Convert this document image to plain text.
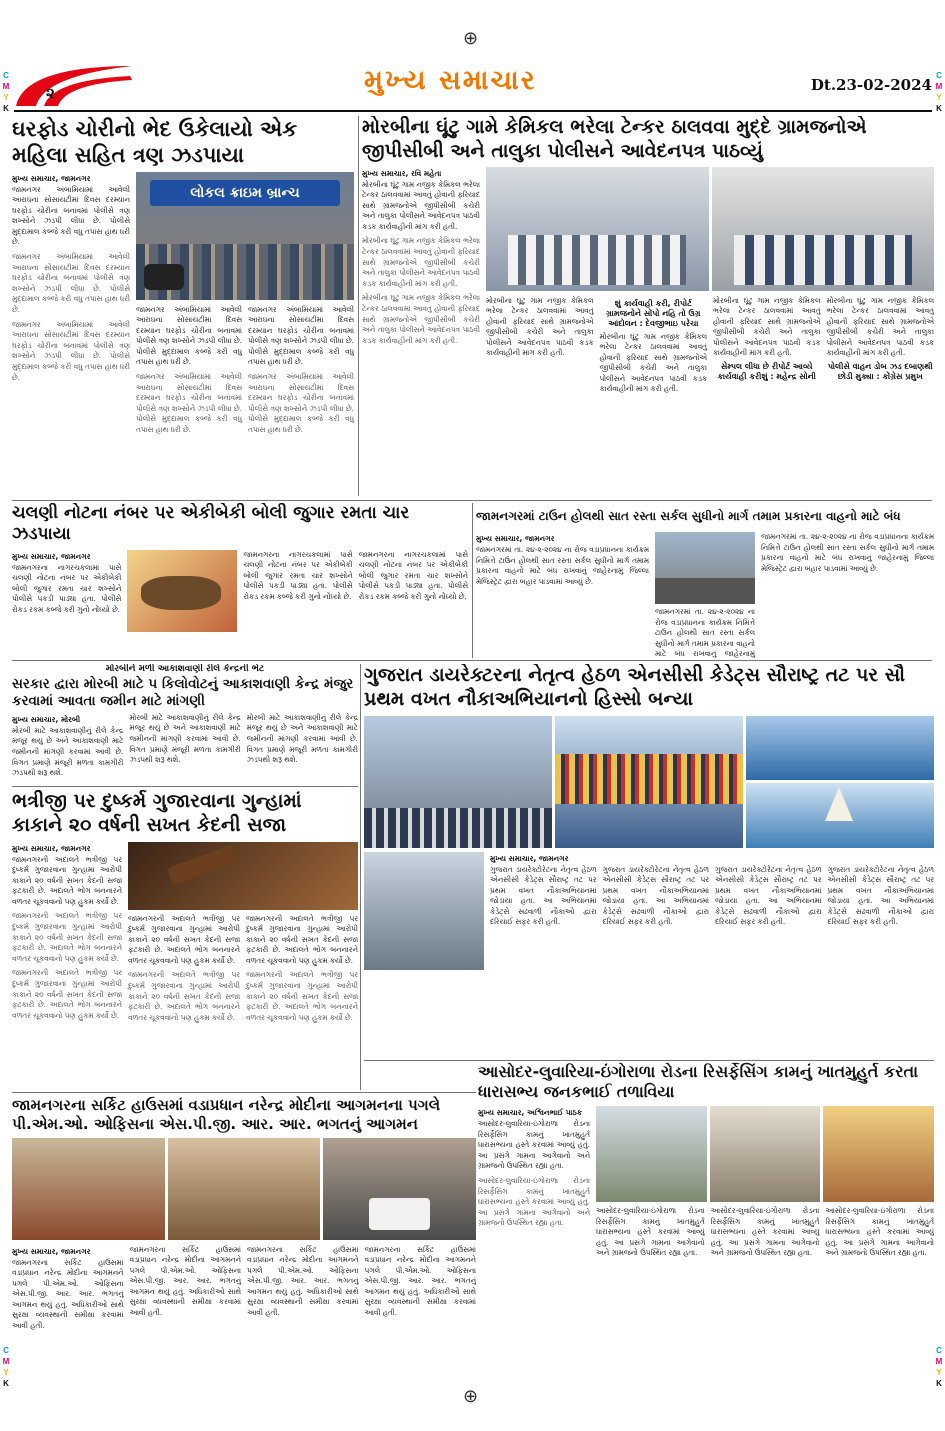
C
M
Y
K
C
M
Y
K
C
M
Y
K
C
M
Y
K
⊕
⊕
૨	મુખ્ય સમાચાર	Dt.23-02-2024
ઘરફોડ ચોરીનો ભેદ ઉકેલાયો એક મહિલા સહિત ત્રણ ઝડપાયા
મુખ્ય સમાચાર, જામનગર
જામનગર અંબામિયામાં આવેલી આરાધના સોસાયટીમાં દિવસ દરમ્યાન ઘરફોડ ચોરીના બનાવમાં પોલીસે ત્રણ શખ્સોને ઝડપી લીધા છે. પોલીસે મુદ્દામાલ કબ્જે કરી વધુ તપાસ હાથ ધરી છે.
જામનગર અંબામિયામાં આવેલી આરાધના સોસાયટીમાં દિવસ દરમ્યાન ઘરફોડ ચોરીના બનાવમાં પોલીસે ત્રણ શખ્સોને ઝડપી લીધા છે. પોલીસે મુદ્દામાલ કબ્જે કરી વધુ તપાસ હાથ ધરી છે.
જામનગર અંબામિયામાં આવેલી આરાધના સોસાયટીમાં દિવસ દરમ્યાન ઘરફોડ ચોરીના બનાવમાં પોલીસે ત્રણ શખ્સોને ઝડપી લીધા છે. પોલીસે મુદ્દામાલ કબ્જે કરી વધુ તપાસ હાથ ધરી છે.
લોકલ ક્રાઇમ બ્રાન્ચ
જામનગર અંબામિયામાં આવેલી આરાધના સોસાયટીમાં દિવસ દરમ્યાન ઘરફોડ ચોરીના બનાવમાં પોલીસે ત્રણ શખ્સોને ઝડપી લીધા છે. પોલીસે મુદ્દામાલ કબ્જે કરી વધુ તપાસ હાથ ધરી છે.
જામનગર અંબામિયામાં આવેલી આરાધના સોસાયટીમાં દિવસ દરમ્યાન ઘરફોડ ચોરીના બનાવમાં પોલીસે ત્રણ શખ્સોને ઝડપી લીધા છે. પોલીસે મુદ્દામાલ કબ્જે કરી વધુ તપાસ હાથ ધરી છે.
જામનગર અંબામિયામાં આવેલી આરાધના સોસાયટીમાં દિવસ દરમ્યાન ઘરફોડ ચોરીના બનાવમાં પોલીસે ત્રણ શખ્સોને ઝડપી લીધા છે. પોલીસે મુદ્દામાલ કબ્જે કરી વધુ તપાસ હાથ ધરી છે.
જામનગર અંબામિયામાં આવેલી આરાધના સોસાયટીમાં દિવસ દરમ્યાન ઘરફોડ ચોરીના બનાવમાં પોલીસે ત્રણ શખ્સોને ઝડપી લીધા છે. પોલીસે મુદ્દામાલ કબ્જે કરી વધુ તપાસ હાથ ધરી છે.
મોરબીના ઘૂંટુ ગામે કેમિકલ ભરેલા ટેન્કર ઠાલવવા મુદ્દે ગ્રામજનોએ જીપીસીબી અને તાલુકા પોલીસને આવેદનપત્ર પાઠવ્યું
મુખ્ય સમાચાર, રવિ મહેતા
મોરબીના ઘૂંટુ ગામ નજીક કેમિકલ ભરેલા ટેન્કર ઠાલવવામાં આવતું હોવાની ફરિયાદ સાથે ગ્રામજનોએ જીપીસીબી કચેરી અને તાલુકા પોલીસને આવેદનપત્ર પાઠવી કડક કાર્યવાહીની માંગ કરી હતી.
મોરબીના ઘૂંટુ ગામ નજીક કેમિકલ ભરેલા ટેન્કર ઠાલવવામાં આવતું હોવાની ફરિયાદ સાથે ગ્રામજનોએ જીપીસીબી કચેરી અને તાલુકા પોલીસને આવેદનપત્ર પાઠવી કડક કાર્યવાહીની માંગ કરી હતી.
મોરબીના ઘૂંટુ ગામ નજીક કેમિકલ ભરેલા ટેન્કર ઠાલવવામાં આવતું હોવાની ફરિયાદ સાથે ગ્રામજનોએ જીપીસીબી કચેરી અને તાલુકા પોલીસને આવેદનપત્ર પાઠવી કડક કાર્યવાહીની માંગ કરી હતી.
મોરબીના ઘૂંટુ ગામ નજીક કેમિકલ ભરેલા ટેન્કર ઠાલવવામાં આવતું હોવાની ફરિયાદ સાથે ગ્રામજનોએ જીપીસીબી કચેરી અને તાલુકા પોલીસને આવેદનપત્ર પાઠવી કડક કાર્યવાહીની માંગ કરી હતી.
શું કાર્યવાહી કરી, રીપોર્ટ ગ્રામજનોને સોંપો નહિ તો ઉગ્ર આંદોલન : દેવજીભાઇ પરેચા
મોરબીના ઘૂંટુ ગામ નજીક કેમિકલ ભરેલા ટેન્કર ઠાલવવામાં આવતું હોવાની ફરિયાદ સાથે ગ્રામજનોએ જીપીસીબી કચેરી અને તાલુકા પોલીસને આવેદનપત્ર પાઠવી કડક કાર્યવાહીની માંગ કરી હતી.
મોરબીના ઘૂંટુ ગામ નજીક કેમિકલ ભરેલા ટેન્કર ઠાલવવામાં આવતું હોવાની ફરિયાદ સાથે ગ્રામજનોએ જીપીસીબી કચેરી અને તાલુકા પોલીસને આવેદનપત્ર પાઠવી કડક કાર્યવાહીની માંગ કરી હતી.
સેમ્પલ લીધા છે રીપોર્ટ આવ્યે કાર્યવાહી કરીશું : મહેન્દ્ર સોની
મોરબીના ઘૂંટુ ગામ નજીક કેમિકલ ભરેલા ટેન્કર ઠાલવવામાં આવતું હોવાની ફરિયાદ સાથે ગ્રામજનોએ જીપીસીબી કચેરી અને તાલુકા પોલીસને આવેદનપત્ર પાઠવી કડક કાર્યવાહીની માંગ કરી હતી.
પોલીસે વાહન ડોબ ઝડ દબાણથી છોડી મુક્યા : કોંગ્રેસ પ્રમુખ
ચલણી નોટના નંબર પર એકીબેકી બોલી જુગાર રમતા ચાર ઝડપાયા
મુખ્ય સમાચાર, જામનગર
જામનગરના નાગરચકલામાં પાસે ચલણી નોટના નંબર પર એકીબેકી બોલી જુગાર રમતા ચાર શખ્સોને પોલીસે પકડી પાડ્યા હતા. પોલીસે રોકડ રકમ કબ્જે કરી ગુનો નોંધ્યો છે.
જામનગરના નાગરચકલામાં પાસે ચલણી નોટના નંબર પર એકીબેકી બોલી જુગાર રમતા ચાર શખ્સોને પોલીસે પકડી પાડ્યા હતા. પોલીસે રોકડ રકમ કબ્જે કરી ગુનો નોંધ્યો છે.
જામનગરના નાગરચકલામાં પાસે ચલણી નોટના નંબર પર એકીબેકી બોલી જુગાર રમતા ચાર શખ્સોને પોલીસે પકડી પાડ્યા હતા. પોલીસે રોકડ રકમ કબ્જે કરી ગુનો નોંધ્યો છે.
જામનગરમાં ટાઉન હોલથી સાત રસ્તા સર્કલ સુધીનો માર્ગ તમામ પ્રકારના વાહનો માટે બંધ
મુખ્ય સમાચાર, જામનગર
જામનગરમાં તા. ૨૪-૨-૨૦૨૪ ના રોજ વડાપ્રધાનના કાર્યક્રમ નિમિત્તે ટાઉન હોલથી સાત રસ્તા સર્કલ સુધીનો માર્ગ તમામ પ્રકારના વાહનો માટે બંધ રાખવાનું જાહેરનામું જિલ્લા મેજિસ્ટ્રેટ દ્વારા બહાર પાડવામાં આવ્યું છે.
જામનગરમાં તા. ૨૪-૨-૨૦૨૪ ના રોજ વડાપ્રધાનના કાર્યક્રમ નિમિત્તે ટાઉન હોલથી સાત રસ્તા સર્કલ સુધીનો માર્ગ તમામ પ્રકારના વાહનો માટે બંધ રાખવાનું જાહેરનામું
જામનગરમાં તા. ૨૪-૨-૨૦૨૪ ના રોજ વડાપ્રધાનના કાર્યક્રમ નિમિત્તે ટાઉન હોલથી સાત રસ્તા સર્કલ સુધીનો માર્ગ તમામ પ્રકારના વાહનો માટે બંધ રાખવાનું જાહેરનામું જિલ્લા મેજિસ્ટ્રેટ દ્વારા બહાર પાડવામાં આવ્યું છે.
મોરબીને મળી આકાશવાણી રીલે કેન્દ્રની ભેટ
સરકાર દ્વારા મોરબી માટે ૫ કિલોવોટનું આકાશવાણી કેન્દ્ર મંજુર કરવામાં આવતા જમીન માટે માંગણી
મુખ્ય સમાચાર, મોરબી
મોરબી માટે આકાશવાણીનું રીલે કેન્દ્ર મંજૂર થયું છે અને આકાશવાણી માટે જમીનની માંગણી કરવામાં આવી છે. વિગત પ્રમાણે મંજૂરી મળતા કામગીરી ઝડપથી શરૂ થશે.
મોરબી માટે આકાશવાણીનું રીલે કેન્દ્ર મંજૂર થયું છે અને આકાશવાણી માટે જમીનની માંગણી કરવામાં આવી છે. વિગત પ્રમાણે મંજૂરી મળતા કામગીરી ઝડપથી શરૂ થશે.
મોરબી માટે આકાશવાણીનું રીલે કેન્દ્ર મંજૂર થયું છે અને આકાશવાણી માટે જમીનની માંગણી કરવામાં આવી છે. વિગત પ્રમાણે મંજૂરી મળતા કામગીરી ઝડપથી શરૂ થશે.
ભત્રીજી પર દુષ્કર્મ ગુજારવાના ગુન્હામાં કાકાને ૨૦ વર્ષની સખત કેદની સજા
મુખ્ય સમાચાર, જામનગર
જામનગરની અદાલતે ભત્રીજી પર દુષ્કર્મ ગુજારવાના ગુન્હામાં આરોપી કાકાને ૨૦ વર્ષની સખત કેદની સજા ફટકારી છે. અદાલતે ભોગ બનનારને વળતર ચૂકવવાનો પણ હુકમ કર્યો છે.
જામનગરની અદાલતે ભત્રીજી પર દુષ્કર્મ ગુજારવાના ગુન્હામાં આરોપી કાકાને ૨૦ વર્ષની સખત કેદની સજા ફટકારી છે. અદાલતે ભોગ બનનારને વળતર ચૂકવવાનો પણ હુકમ કર્યો છે.
જામનગરની અદાલતે ભત્રીજી પર દુષ્કર્મ ગુજારવાના ગુન્હામાં આરોપી કાકાને ૨૦ વર્ષની સખત કેદની સજા ફટકારી છે. અદાલતે ભોગ બનનારને વળતર ચૂકવવાનો પણ હુકમ કર્યો છે.
જામનગરની અદાલતે ભત્રીજી પર દુષ્કર્મ ગુજારવાના ગુન્હામાં આરોપી કાકાને ૨૦ વર્ષની સખત કેદની સજા ફટકારી છે. અદાલતે ભોગ બનનારને વળતર ચૂકવવાનો પણ હુકમ કર્યો છે.
જામનગરની અદાલતે ભત્રીજી પર દુષ્કર્મ ગુજારવાના ગુન્હામાં આરોપી કાકાને ૨૦ વર્ષની સખત કેદની સજા ફટકારી છે. અદાલતે ભોગ બનનારને વળતર ચૂકવવાનો પણ હુકમ કર્યો છે.
જામનગરની અદાલતે ભત્રીજી પર દુષ્કર્મ ગુજારવાના ગુન્હામાં આરોપી કાકાને ૨૦ વર્ષની સખત કેદની સજા ફટકારી છે. અદાલતે ભોગ બનનારને વળતર ચૂકવવાનો પણ હુકમ કર્યો છે.
જામનગરની અદાલતે ભત્રીજી પર દુષ્કર્મ ગુજારવાના ગુન્હામાં આરોપી કાકાને ૨૦ વર્ષની સખત કેદની સજા ફટકારી છે. અદાલતે ભોગ બનનારને વળતર ચૂકવવાનો પણ હુકમ કર્યો છે.
ગુજરાત ડાયરેક્ટરના નેતૃત્વ હેઠળ એનસીસી કેડેટ્સ સૌરાષ્ટ્ર તટ પર સૌ પ્રથમ વખત નૌકાઅભિયાનનો હિસ્સો બન્યા
મુખ્ય સમાચાર, જામનગર
ગુજરાત ડાયરેક્ટોરેટના નેતૃત્વ હેઠળ એનસીસી કેડેટ્સ સૌરાષ્ટ્ર તટ પર પ્રથમ વખત નૌકાઅભિયાનમાં જોડાયા હતા. આ અભિયાનમાં કેડેટ્સે સઢવાળી નૌકાઓ દ્વારા દરિયાઈ સફર કરી હતી.
ગુજરાત ડાયરેક્ટોરેટના નેતૃત્વ હેઠળ એનસીસી કેડેટ્સ સૌરાષ્ટ્ર તટ પર પ્રથમ વખત નૌકાઅભિયાનમાં જોડાયા હતા. આ અભિયાનમાં કેડેટ્સે સઢવાળી નૌકાઓ દ્વારા દરિયાઈ સફર કરી હતી.
ગુજરાત ડાયરેક્ટોરેટના નેતૃત્વ હેઠળ એનસીસી કેડેટ્સ સૌરાષ્ટ્ર તટ પર પ્રથમ વખત નૌકાઅભિયાનમાં જોડાયા હતા. આ અભિયાનમાં કેડેટ્સે સઢવાળી નૌકાઓ દ્વારા દરિયાઈ સફર કરી હતી.
ગુજરાત ડાયરેક્ટોરેટના નેતૃત્વ હેઠળ એનસીસી કેડેટ્સ સૌરાષ્ટ્ર તટ પર પ્રથમ વખત નૌકાઅભિયાનમાં જોડાયા હતા. આ અભિયાનમાં કેડેટ્સે સઢવાળી નૌકાઓ દ્વારા દરિયાઈ સફર કરી હતી.
આસોદર-લુવારિયા-ઇંગોરાળા રોડના રિસર્ફેસિંગ કામનું ખાતમુહુર્ત કરતા ધારાસભ્ય જનકભાઈ તળાવિયા
મુખ્ય સમાચાર, અશ્વિનભાઈ પાઠક
આસોદર-લુવારિયા-ઇંગોરાળા રોડના રિસર્ફેસિંગ કામનું ખાતમુહુર્ત ધારાસભ્યના હસ્તે કરવામાં આવ્યું હતું. આ પ્રસંગે ગામના આગેવાનો અને ગ્રામજનો ઉપસ્થિત રહ્યા હતા.
આસોદર-લુવારિયા-ઇંગોરાળા રોડના રિસર્ફેસિંગ કામનું ખાતમુહુર્ત ધારાસભ્યના હસ્તે કરવામાં આવ્યું હતું. આ પ્રસંગે ગામના આગેવાનો અને ગ્રામજનો ઉપસ્થિત રહ્યા હતા.
આસોદર-લુવારિયા-ઇંગોરાળા રોડના રિસર્ફેસિંગ કામનું ખાતમુહુર્ત ધારાસભ્યના હસ્તે કરવામાં આવ્યું હતું. આ પ્રસંગે ગામના આગેવાનો અને ગ્રામજનો ઉપસ્થિત રહ્યા હતા.
આસોદર-લુવારિયા-ઇંગોરાળા રોડના રિસર્ફેસિંગ કામનું ખાતમુહુર્ત ધારાસભ્યના હસ્તે કરવામાં આવ્યું હતું. આ પ્રસંગે ગામના આગેવાનો અને ગ્રામજનો ઉપસ્થિત રહ્યા હતા.
આસોદર-લુવારિયા-ઇંગોરાળા રોડના રિસર્ફેસિંગ કામનું ખાતમુહુર્ત ધારાસભ્યના હસ્તે કરવામાં આવ્યું હતું. આ પ્રસંગે ગામના આગેવાનો અને ગ્રામજનો ઉપસ્થિત રહ્યા હતા.
જામનગરના સર્કિટ હાઉસમાં વડાપ્રધાન નરેન્દ્ર મોદીના આગમનના પગલે પી.એમ.ઓ. ઓફિસના એસ.પી.જી. આર. આર. ભગતનું આગમન
મુખ્ય સમાચાર, જામનગર
જામનગરના સર્કિટ હાઉસમાં વડાપ્રધાન નરેન્દ્ર મોદીના આગમનને પગલે પી.એમ.ઓ. ઓફિસના એસ.પી.જી. આર. આર. ભગતનું આગમન થયું હતું. અધિકારીઓ સાથે સુરક્ષા વ્યવસ્થાની સમીક્ષા કરવામાં આવી હતી.
જામનગરના સર્કિટ હાઉસમાં વડાપ્રધાન નરેન્દ્ર મોદીના આગમનને પગલે પી.એમ.ઓ. ઓફિસના એસ.પી.જી. આર. આર. ભગતનું આગમન થયું હતું. અધિકારીઓ સાથે સુરક્ષા વ્યવસ્થાની સમીક્ષા કરવામાં આવી હતી.
જામનગરના સર્કિટ હાઉસમાં વડાપ્રધાન નરેન્દ્ર મોદીના આગમનને પગલે પી.એમ.ઓ. ઓફિસના એસ.પી.જી. આર. આર. ભગતનું આગમન થયું હતું. અધિકારીઓ સાથે સુરક્ષા વ્યવસ્થાની સમીક્ષા કરવામાં આવી હતી.
જામનગરના સર્કિટ હાઉસમાં વડાપ્રધાન નરેન્દ્ર મોદીના આગમનને પગલે પી.એમ.ઓ. ઓફિસના એસ.પી.જી. આર. આર. ભગતનું આગમન થયું હતું. અધિકારીઓ સાથે સુરક્ષા વ્યવસ્થાની સમીક્ષા કરવામાં આવી હતી.
